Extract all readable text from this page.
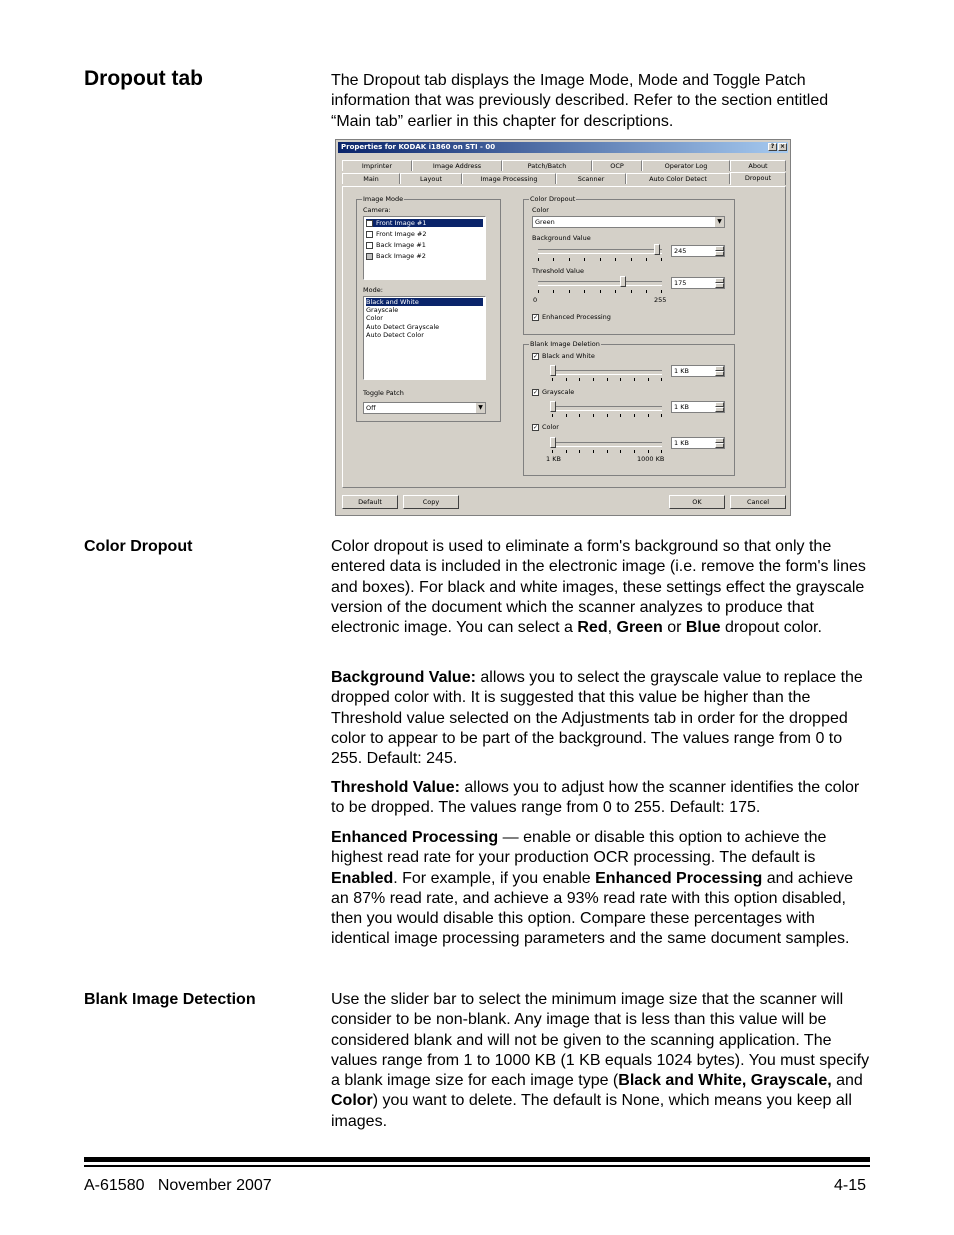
Dropout tab	The Dropout tab displays the Image Mode, Mode and Toggle Patch information that was previously described. Refer to the section entitled “Main tab” earlier in this chapter for descriptions.
Properties for KODAK i1860 on STI - 00	×
?
Imprinter	Image Address	Patch/Batch	OCP	Operator Log	About
Main	Layout	Image Processing	Scanner	Auto Color Detect	Dropout
Image Mode
Camera:
✓ Front Image #1
Front Image #2
Back Image #1
Back Image #2
Mode:
Black and White
Grayscale
Color
Auto Detect Grayscale
Auto Detect Color
Toggle Patch
Off	▼
Color Dropout
Color
Green	▼
Background Value
245
Threshold Value
175
0	255
✓ Enhanced Processing
Blank Image Deletion
✓ Black and White
1 KB
✓ Grayscale
1 KB
✓ Color
1 KB
1 KB	1000 KB
Default	Copy	OK	Cancel
Color Dropout	Color dropout is used to eliminate a form's background so that only the entered data is included in the electronic image (i.e. remove the form's lines and boxes). For black and white images, these settings effect the grayscale version of the document which the scanner analyzes to produce that electronic image. You can select a Red, Green or Blue dropout color.
Background Value: allows you to select the grayscale value to replace the dropped color with. It is suggested that this value be higher than the Threshold value selected on the Adjustments tab in order for the dropped color to appear to be part of the background. The values range from 0 to 255. Default: 245.
Threshold Value: allows you to adjust how the scanner identifies the color to be dropped. The values range from 0 to 255. Default: 175.
Enhanced Processing — enable or disable this option to achieve the highest read rate for your production OCR processing. The default is Enabled. For example, if you enable Enhanced Processing and achieve an 87% read rate, and achieve a 93% read rate with this option disabled, then you would disable this option. Compare these percentages with identical image processing parameters and the same document samples.
Blank Image Detection	Use the slider bar to select the minimum image size that the scanner will consider to be non-blank. Any image that is less than this value will be considered blank and will not be given to the scanning application. The values range from 1 to 1000 KB (1 KB equals 1024 bytes). You must specify a blank image size for each image type (Black and White, Grayscale, and Color) you want to delete. The default is None, which means you keep all images.
A-61580   November 2007	4-15
